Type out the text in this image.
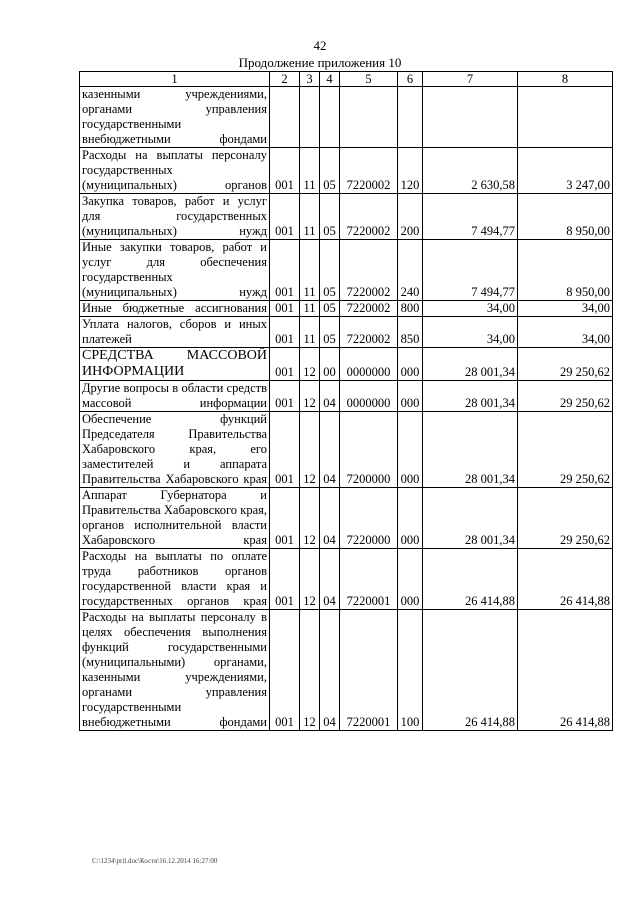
42
Продолжение приложения 10
1	2	3	4	5	6	7	8
казенными учреждениями, органами управления государственными внебюджетными фондами							
Расходы на выплаты персоналу государственных (муниципальных) органов	001	11	05	7220002	120	2 630,58	3 247,00
Закупка товаров, работ и услуг для государственных (муниципальных) нужд	001	11	05	7220002	200	7 494,77	8 950,00
Иные закупки товаров, работ и услуг для обеспечения государственных (муниципальных) нужд	001	11	05	7220002	240	7 494,77	8 950,00
Иные бюджетные ассигнования	001	11	05	7220002	800	34,00	34,00
Уплата налогов, сборов и иных платежей	001	11	05	7220002	850	34,00	34,00
СРЕДСТВА МАССОВОЙ ИНФОРМАЦИИ	001	12	00	0000000	000	28 001,34	29 250,62
Другие вопросы в области средств массовой информации	001	12	04	0000000	000	28 001,34	29 250,62
Обеспечение функций Председателя Правительства Хабаровского края, его заместителей и аппарата Правительства Хабаровского края	001	12	04	7200000	000	28 001,34	29 250,62
Аппарат Губернатора и Правительства Хабаровского края, органов исполнительной власти Хабаровского края	001	12	04	7220000	000	28 001,34	29 250,62
Расходы на выплаты по оплате труда работников органов государственной власти края и государственных органов края	001	12	04	7220001	000	26 414,88	26 414,88
Расходы на выплаты персоналу в целях обеспечения выполнения функций государственными (муниципальными) органами, казенными учреждениями, органами управления государственными внебюджетными фондами	001	12	04	7220001	100	26 414,88	26 414,88
C:\1234\pril.doc\Костя\16.12.2014 16:27:00
